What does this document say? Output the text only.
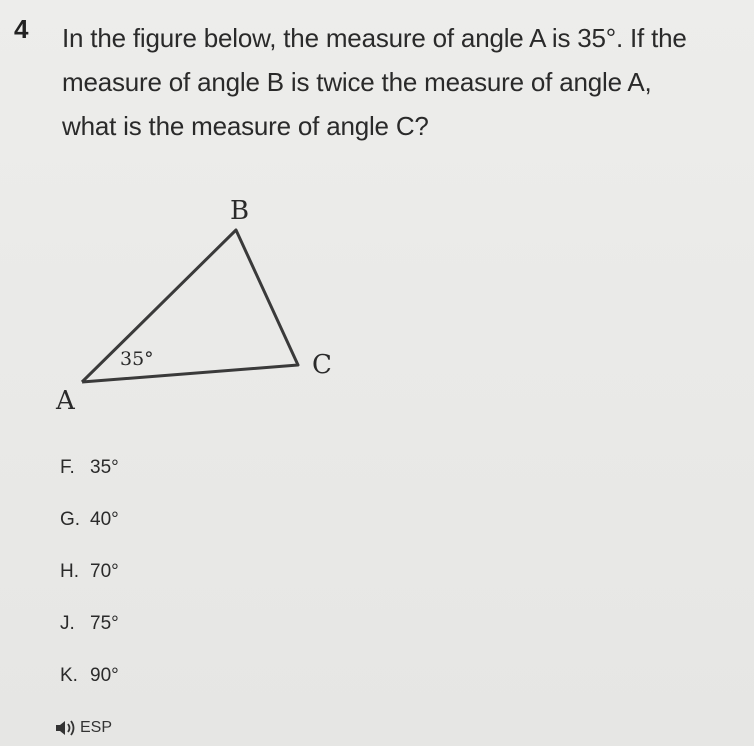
4 In the figure below, the measure of angle A is 35°. If the
measure of angle B is twice the measure of angle A,
what is the measure of angle C?
B
C
A
35°
F. 35°
G. 40°
H. 70°
J. 75°
K. 90°
ESP
